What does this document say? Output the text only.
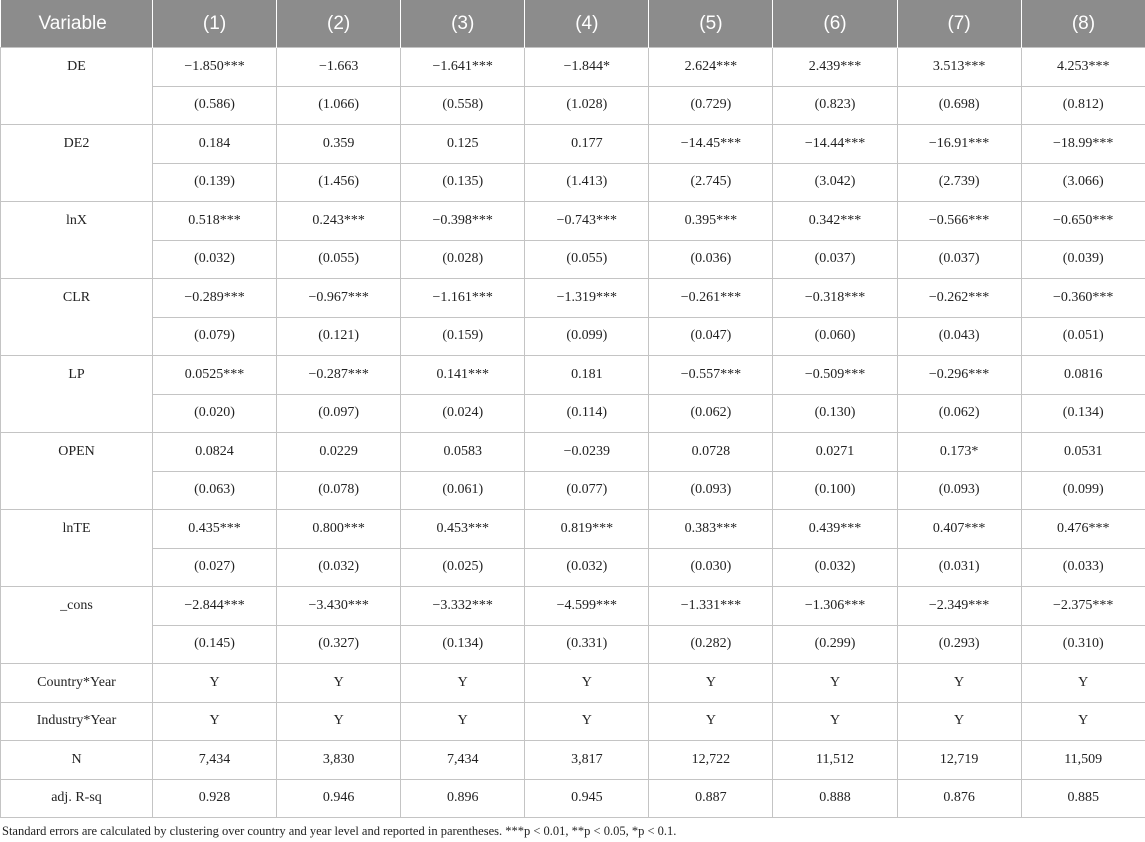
Variable	(1)	(2)	(3)	(4)	(5)	(6)	(7)	(8)
DE	−1.850***	−1.663	−1.641***	−1.844*	2.624***	2.439***	3.513***	4.253***
	(0.586)	(1.066)	(0.558)	(1.028)	(0.729)	(0.823)	(0.698)	(0.812)
DE2	0.184	0.359	0.125	0.177	−14.45***	−14.44***	−16.91***	−18.99***
	(0.139)	(1.456)	(0.135)	(1.413)	(2.745)	(3.042)	(2.739)	(3.066)
lnX	0.518***	0.243***	−0.398***	−0.743***	0.395***	0.342***	−0.566***	−0.650***
	(0.032)	(0.055)	(0.028)	(0.055)	(0.036)	(0.037)	(0.037)	(0.039)
CLR	−0.289***	−0.967***	−1.161***	−1.319***	−0.261***	−0.318***	−0.262***	−0.360***
	(0.079)	(0.121)	(0.159)	(0.099)	(0.047)	(0.060)	(0.043)	(0.051)
LP	0.0525***	−0.287***	0.141***	0.181	−0.557***	−0.509***	−0.296***	0.0816
	(0.020)	(0.097)	(0.024)	(0.114)	(0.062)	(0.130)	(0.062)	(0.134)
OPEN	0.0824	0.0229	0.0583	−0.0239	0.0728	0.0271	0.173*	0.0531
	(0.063)	(0.078)	(0.061)	(0.077)	(0.093)	(0.100)	(0.093)	(0.099)
lnTE	0.435***	0.800***	0.453***	0.819***	0.383***	0.439***	0.407***	0.476***
	(0.027)	(0.032)	(0.025)	(0.032)	(0.030)	(0.032)	(0.031)	(0.033)
_cons	−2.844***	−3.430***	−3.332***	−4.599***	−1.331***	−1.306***	−2.349***	−2.375***
	(0.145)	(0.327)	(0.134)	(0.331)	(0.282)	(0.299)	(0.293)	(0.310)
Country*Year	Y	Y	Y	Y	Y	Y	Y	Y
Industry*Year	Y	Y	Y	Y	Y	Y	Y	Y
N	7,434	3,830	7,434	3,817	12,722	11,512	12,719	11,509
adj. R-sq	0.928	0.946	0.896	0.945	0.887	0.888	0.876	0.885
Standard errors are calculated by clustering over country and year level and reported in parentheses. ***p < 0.01, **p < 0.05, *p < 0.1.
